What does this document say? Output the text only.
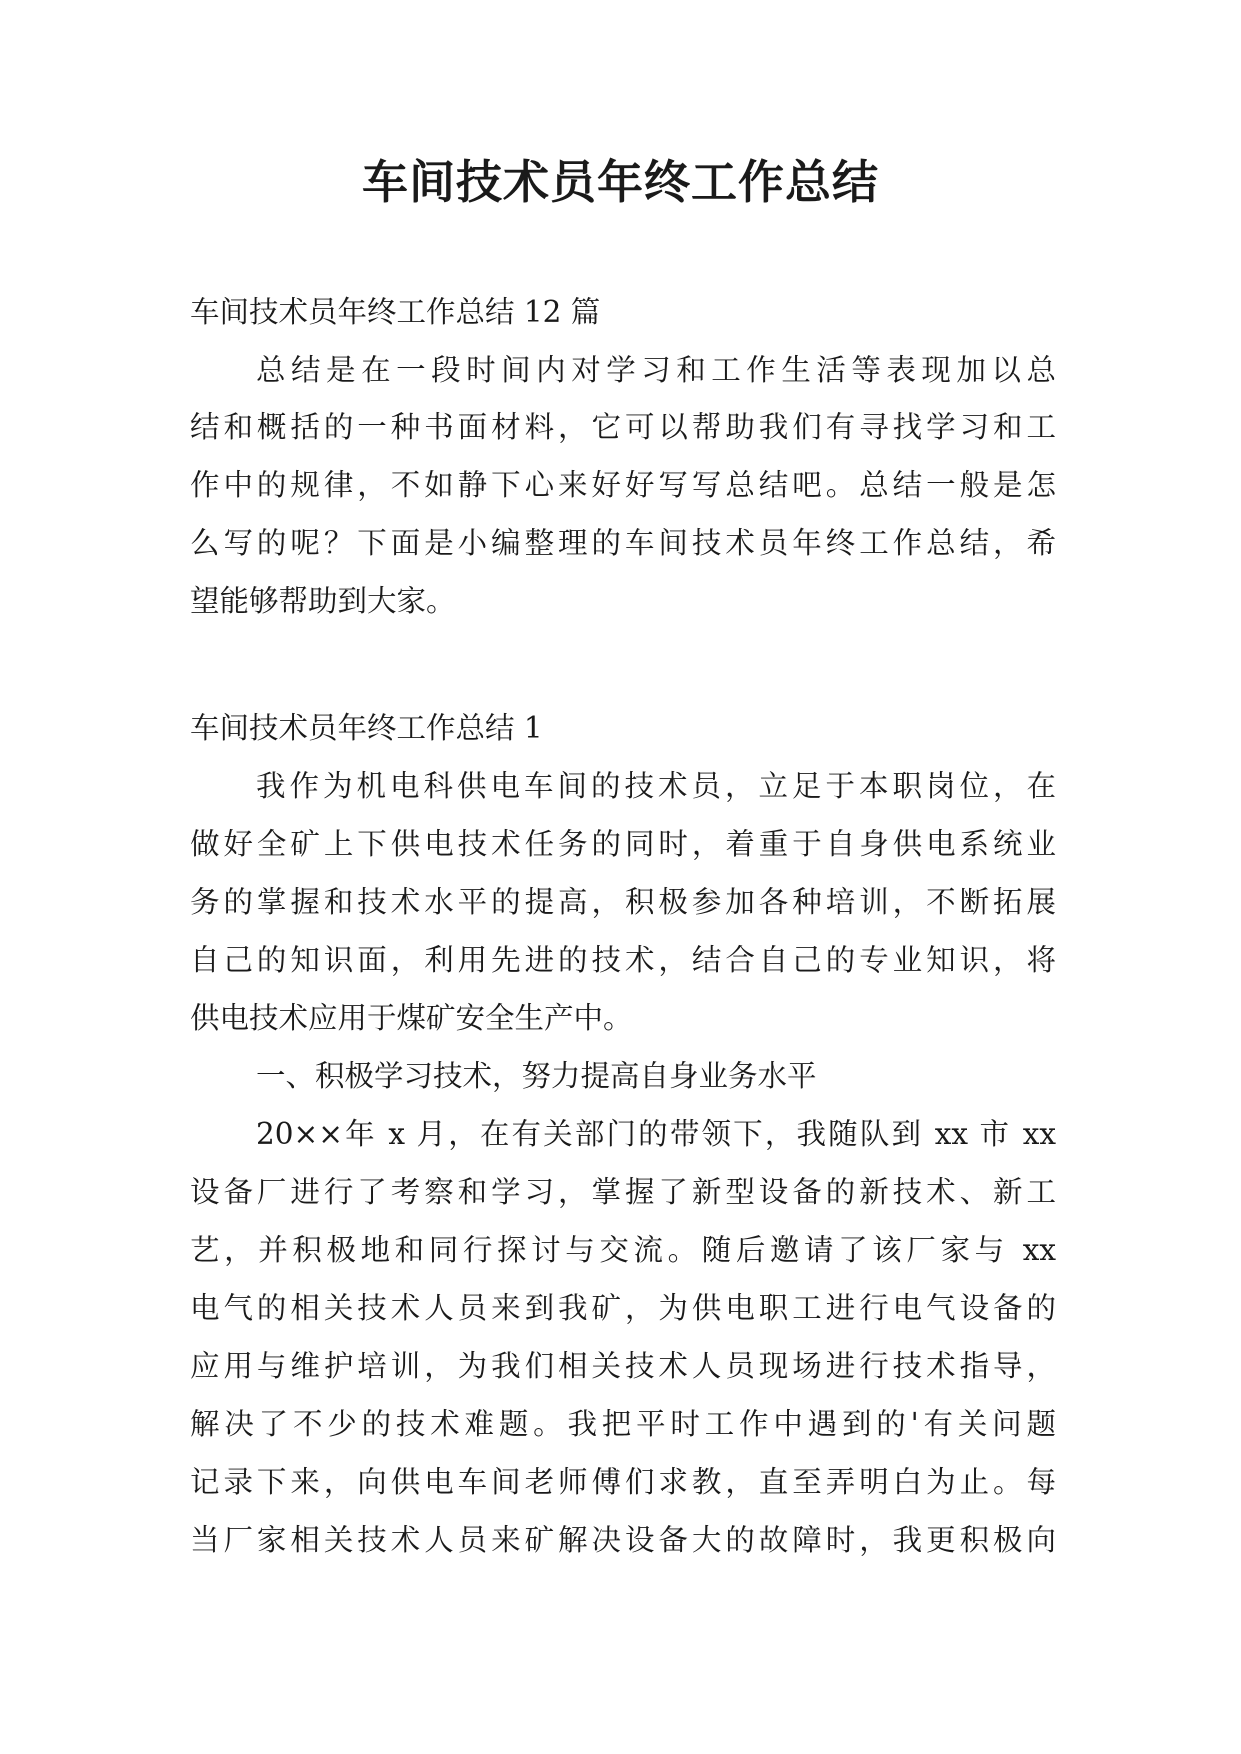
车间技术员年终工作总结

车间技术员年终工作总结 12 篇

总结是在一段时间内对学习和工作生活等表现加以总

结和概括的一种书面材料，它可以帮助我们有寻找学习和工

作中的规律，不如静下心来好好写写总结吧。总结一般是怎

么写的呢？下面是小编整理的车间技术员年终工作总结，希

望能够帮助到大家。

车间技术员年终工作总结 1

我作为机电科供电车间的技术员，立足于本职岗位，在

做好全矿上下供电技术任务的同时，着重于自身供电系统业

务的掌握和技术水平的提高，积极参加各种培训，不断拓展

自己的知识面，利用先进的技术，结合自己的专业知识，将

供电技术应用于煤矿安全生产中。

一、积极学习技术，努力提高自身业务水平

20××年 x 月，在有关部门的带领下，我随队到 xx 市 xx

设备厂进行了考察和学习，掌握了新型设备的新技术、新工

艺，并积极地和同行探讨与交流。随后邀请了该厂家与 xx

电气的相关技术人员来到我矿，为供电职工进行电气设备的

应用与维护培训，为我们相关技术人员现场进行技术指导，

解决了不少的技术难题。我把平时工作中遇到的'有关问题

记录下来，向供电车间老师傅们求教，直至弄明白为止。每

当厂家相关技术人员来矿解决设备大的故障时，我更积极向
